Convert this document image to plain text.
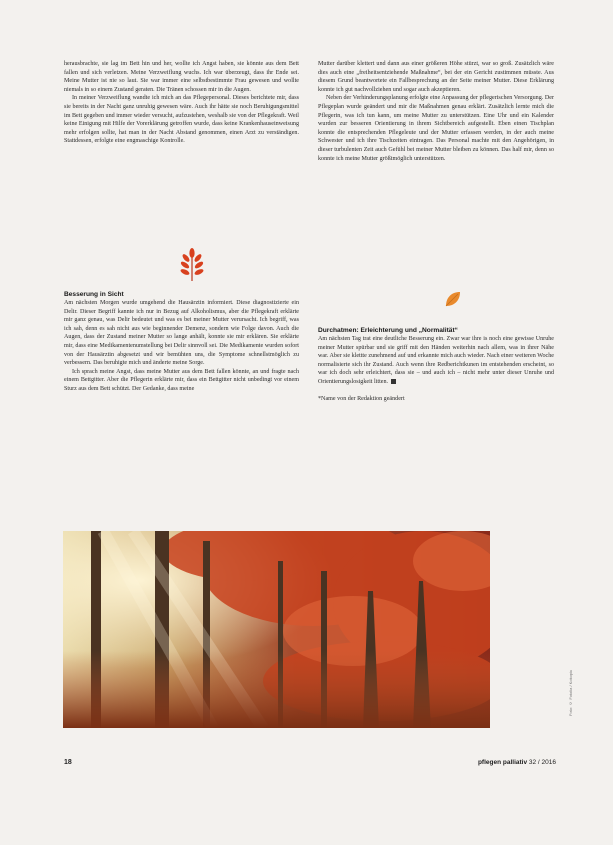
herausbrachte, sie lag im Bett hin und her, wollte ich Angst haben, sie könnte aus dem Bett fallen und sich verletzen. Meine Verzweiflung wuchs. Ich war überzeugt, dass ihr Ende sei. Meine Mutter ist nie so laut. Sie war immer eine selbstbestimmte Frau gewesen und wollte niemals in so einem Zustand geraten. Die Tränen schossen mir in die Augen.

In meiner Verzweiflung wandte ich mich an das Pflegepersonal. Dieses berichtete mir, dass sie bereits in der Nacht ganz unruhig gewesen wäre. Auch ihr hätte sie noch Beruhigungsmittel im Bett gegeben und immer wieder versucht, aufzustehen, weshalb sie von der Pflegekraft. Weil keine Einigung mit Hilfe der Vorerklärung getroffen wurde, dass keine Krankenhauseinweisung mehr erfolgen sollte, hat man in der Nacht Abstand genommen, einen Arzt zu verständigen. Stattdessen, erfolgte eine engmaschige Kontrolle.

Besserung in Sicht

Am nächsten Morgen wurde umgehend die Hausärztin informiert. Diese diagnostizierte ein Delir. Dieser Begriff kannte ich nur in Bezug auf Alkoholismus, aber die Pflegekraft erklärte mir ganz genau, was Delir bedeutet und was es bei meiner Mutter verursacht. Ich begriff, was ich sah, denn es sah nicht aus wie beginnender Demenz, sondern wie Folge davon. Auch die Augen, dass der Zustand meiner Mutter so lange anhält, konnte sie mir erklären. Sie erklärte mir, dass eine Medikamentenumstellung bei Delir sinnvoll sei. Die Medikamente wurden sofort von der Hausärztin abgesetzt und wir bemühten uns, die Symptome schnellstmöglich zu verbessern. Das beruhigte mich und änderte meine Sorge.

Ich sprach meine Angst, dass meine Mutter aus dem Bett fallen könnte, an und fragte nach einem Bettgitter. Aber die Pflegerin erklärte mir, dass ein Bettgitter nicht unbedingt vor einem Sturz aus dem Bett schützt. Der Gedanke, dass meine

Mutter darüber klettert und dann aus einer größeren Höhe stürzt, war so groß. Zusätzlich wäre dies auch eine „freiheitsentziehende Maßnahme“, bei der ein Gericht zustimmen müsste. Aus diesem Grund beantwortete ein Fallbesprechung an der Seite meiner Mutter. Diese Erklärung konnte ich gut nachvollziehen und sogar auch akzeptieren.

Neben der Verhinderungsplanung erfolgte eine Anpassung der pflegerischen Versorgung. Der Pflegeplan wurde geändert und mir die Maßnahmen genau erklärt. Zusätzlich lernte mich die Pflegerin, was ich tun kann, um meine Mutter zu unterstützen. Eine Uhr und ein Kalender wurden zur besseren Orientierung in ihrem Sichtbereich aufgestellt. Eben einen Tischplan konnte die entsprechenden Pflegeleute und der Mutter erfassen werden, in der auch meine Schwester und ich ihre Tischzeiten eintragen. Das Personal machte mit den Angehörigen, in dieser turbulenten Zeit auch Gefühl bei meiner Mutter bleiben zu können. Das half mir, denn so konnte ich meine Mutter größtmöglich unterstützen.

Durchatmen: Erleichterung und „Normalität“

Am nächsten Tag trat eine deutliche Besserung ein. Zwar war ihre is noch eine gewisse Unruhe meiner Mutter spürbar und sie griff mit den Händen weiterhin nach allem, was in ihrer Nähe war. Aber sie klettte zunehmend auf und erkannte mich auch wieder. Nach einer weiteren Woche normalisierte sich ihr Zustand. Auch wenn ihre Redberichtkunen im entstehenden erscheint, so war ich doch sehr erleichtert, dass sie – und auch ich – nicht mehr unter dieser Unruhe und Orientierungslosigkeit litten.

*Name von der Redaktion geändert

Foto: © Fotolia / Kokopix
18	pflegen palliativ 32 / 2016
